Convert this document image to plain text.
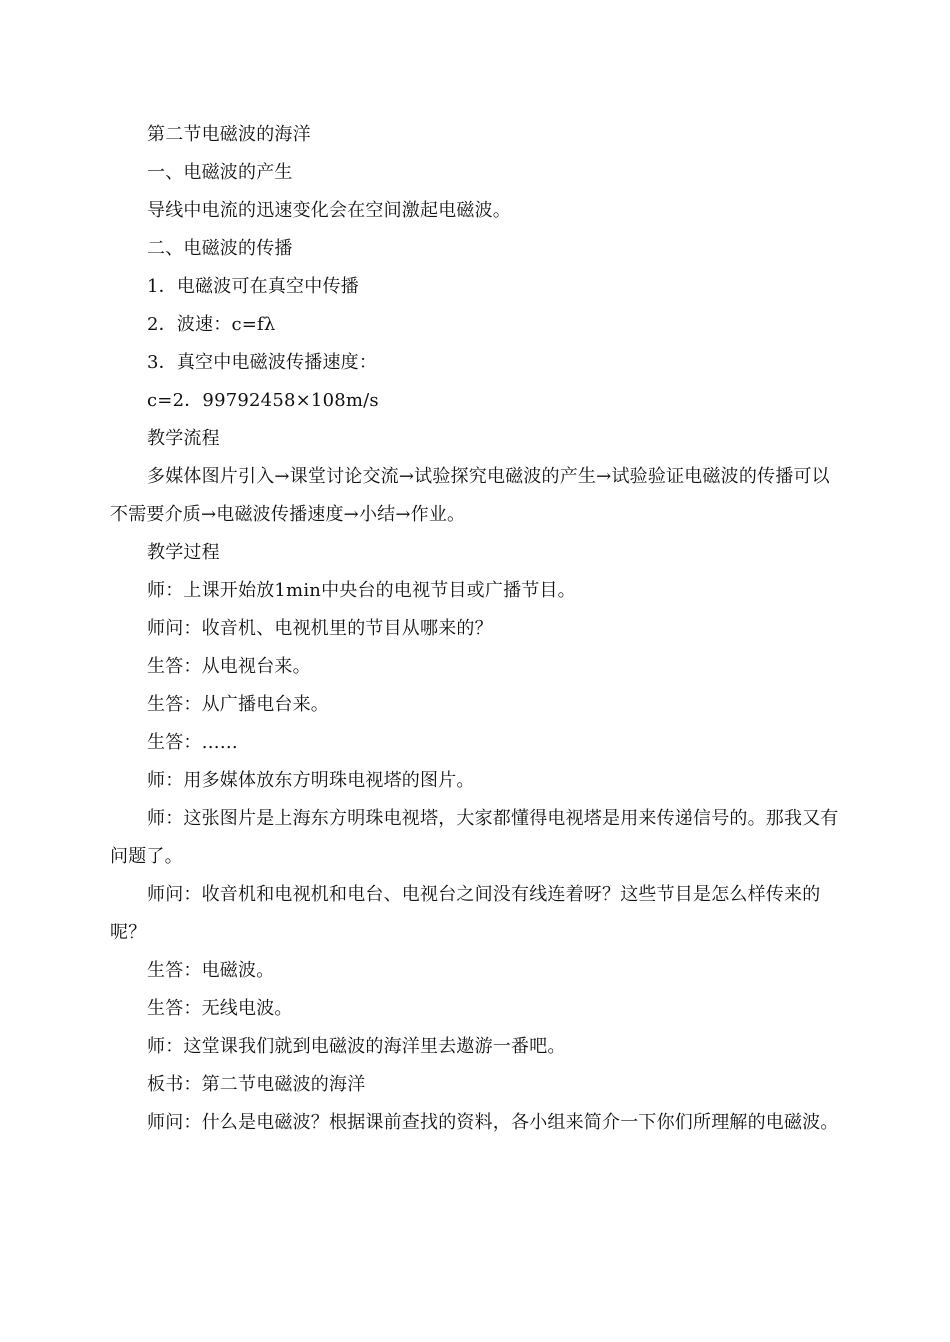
第二节电磁波的海洋

一、电磁波的产生

导线中电流的迅速变化会在空间激起电磁波。

二、电磁波的传播

1．电磁波可在真空中传播

2．波速：c=fλ

3．真空中电磁波传播速度：

c=2．99792458×108m/s

教学流程

多媒体图片引入→课堂讨论交流→试验探究电磁波的产生→试验验证电磁波的传播可以不需要介质→电磁波传播速度→小结→作业。

教学过程

师：上课开始放1min中央台的电视节目或广播节目。

师问：收音机、电视机里的节目从哪来的？

生答：从电视台来。

生答：从广播电台来。

生答：……

师：用多媒体放东方明珠电视塔的图片。

师：这张图片是上海东方明珠电视塔，大家都懂得电视塔是用来传递信号的。那我又有问题了。

师问：收音机和电视机和电台、电视台之间没有线连着呀？这些节目是怎么样传来的呢？

生答：电磁波。

生答：无线电波。

师：这堂课我们就到电磁波的海洋里去遨游一番吧。

板书：第二节电磁波的海洋

师问：什么是电磁波？根据课前查找的资料，各小组来简介一下你们所理解的电磁波。
